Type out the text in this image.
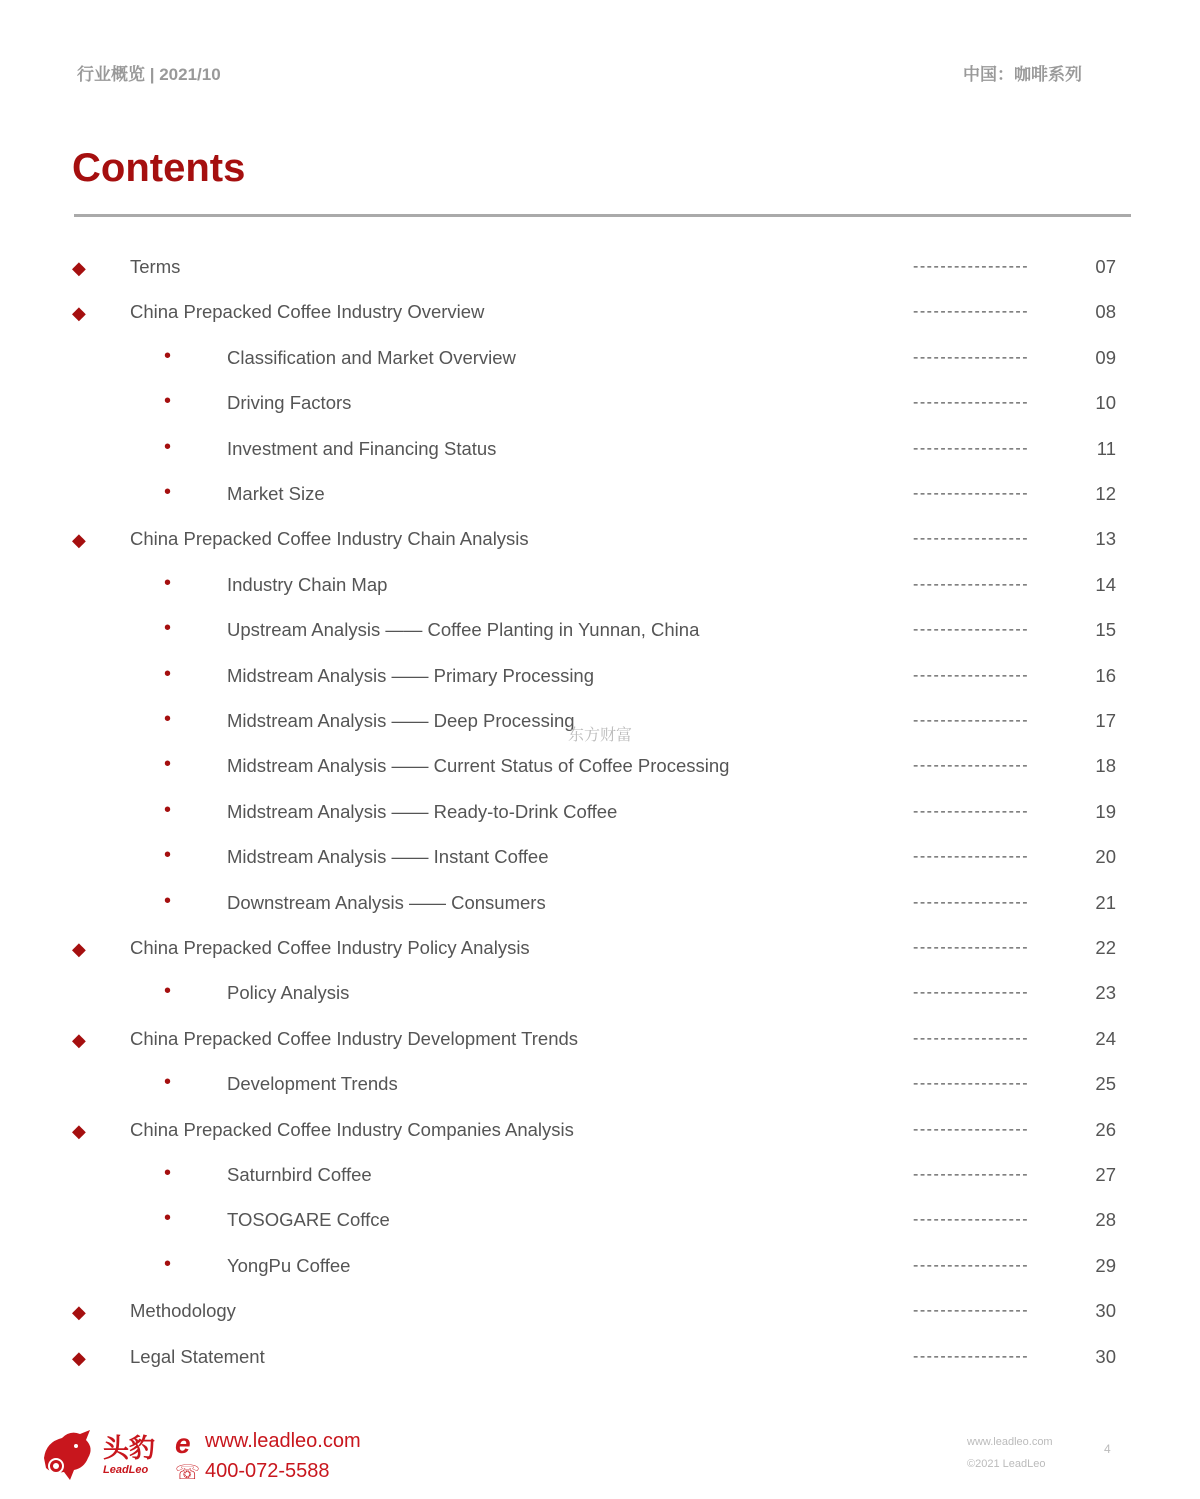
行业概览 | 2021/10	中国：咖啡系列
Contents
◆ Terms	-----------------	07
◆ China Prepacked Coffee Industry Overview	-----------------	08
•	Classification and Market Overview	-----------------	09
•	Driving Factors	-----------------	10
•	Investment and Financing Status	-----------------	11
•	Market Size	-----------------	12
◆ China Prepacked Coffee Industry Chain Analysis	-----------------	13
•	Industry Chain Map	-----------------	14
•	Upstream Analysis —— Coffee Planting in Yunnan, China	-----------------	15
•	Midstream Analysis —— Primary Processing	-----------------	16
•	Midstream Analysis —— Deep Processing	-----------------	17
•	Midstream Analysis —— Current Status of Coffee Processing	-----------------	18
•	Midstream Analysis —— Ready-to-Drink Coffee	-----------------	19
•	Midstream Analysis —— Instant Coffee	-----------------	20
•	Downstream Analysis —— Consumers	-----------------	21
◆ China Prepacked Coffee Industry Policy Analysis	-----------------	22
•	Policy Analysis	-----------------	23
◆ China Prepacked Coffee Industry Development Trends	-----------------	24
•	Development Trends	-----------------	25
◆ China Prepacked Coffee Industry Companies Analysis	-----------------	26
•	Saturnbird Coffee	-----------------	27
•	TOSOGARE Coffce	-----------------	28
•	YongPu Coffee	-----------------	29
◆ Methodology	-----------------	30
◆ Legal Statement	-----------------	30
东方财富
头豹
LeadLeo
e www.leadleo.com
☏ 400-072-5588
www.leadleo.com
©2021 LeadLeo
4
